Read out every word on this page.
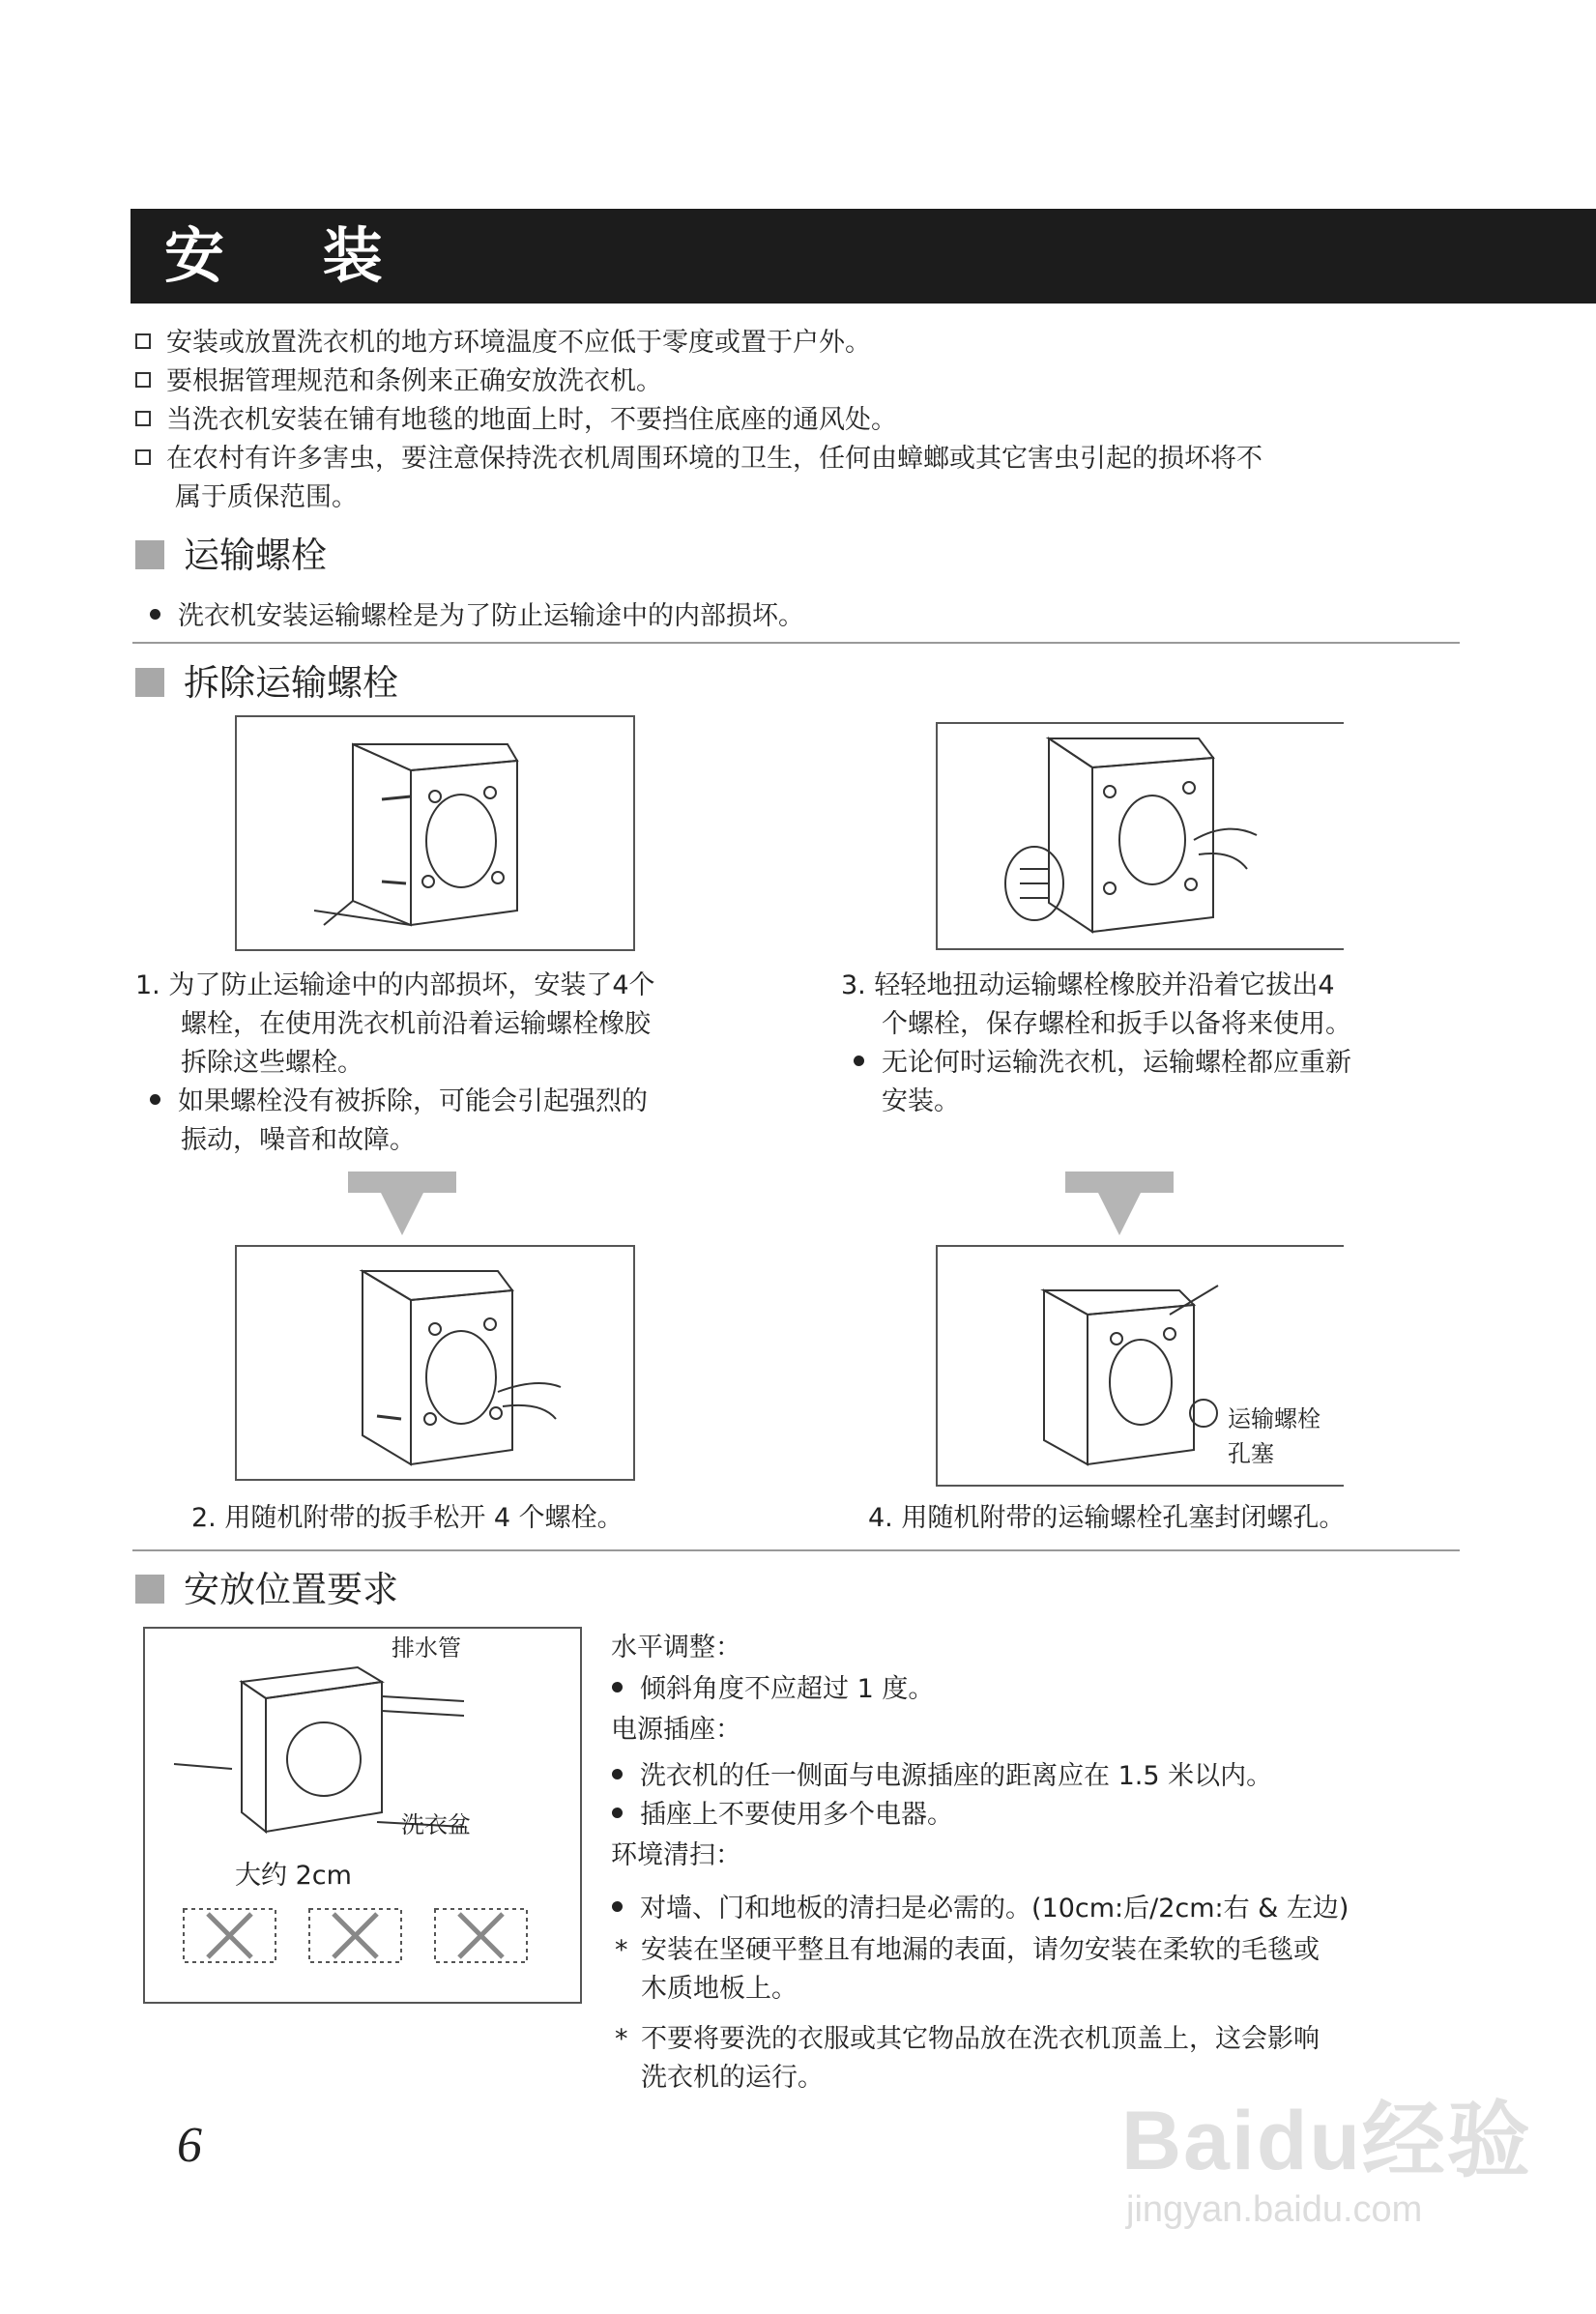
安 装
安装或放置洗衣机的地方环境温度不应低于零度或置于户外。
要根据管理规范和条例来正确安放洗衣机。
当洗衣机安装在铺有地毯的地面上时，不要挡住底座的通风处。
在农村有许多害虫，要注意保持洗衣机周围环境的卫生，任何由蟑螂或其它害虫引起的损坏将不
属于质保范围。
运输螺栓
洗衣机安装运输螺栓是为了防止运输途中的内部损坏。
拆除运输螺栓
1. 为了防止运输途中的内部损坏，安装了4个
螺栓，在使用洗衣机前沿着运输螺栓橡胶
拆除这些螺栓。
如果螺栓没有被拆除，可能会引起强烈的
振动，噪音和故障。
3. 轻轻地扭动运输螺栓橡胶并沿着它拔出4
个螺栓，保存螺栓和扳手以备将来使用。
无论何时运输洗衣机，运输螺栓都应重新
安装。
运输螺栓
孔塞
2. 用随机附带的扳手松开 4 个螺栓。	4. 用随机附带的运输螺栓孔塞封闭螺孔。
安放位置要求
排水管
洗衣盆
大约 2cm
水平调整：
倾斜角度不应超过 1 度。
电源插座：
洗衣机的任一侧面与电源插座的距离应在 1.5 米以内。
插座上不要使用多个电器。
环境清扫：
对墙、门和地板的清扫是必需的。(10cm:后/2cm:右 & 左边)
* 安装在坚硬平整且有地漏的表面，请勿安装在柔软的毛毯或
木质地板上。
* 不要将要洗的衣服或其它物品放在洗衣机顶盖上，这会影响
洗衣机的运行。
6	Baidu经验
jingyan.baidu.com
